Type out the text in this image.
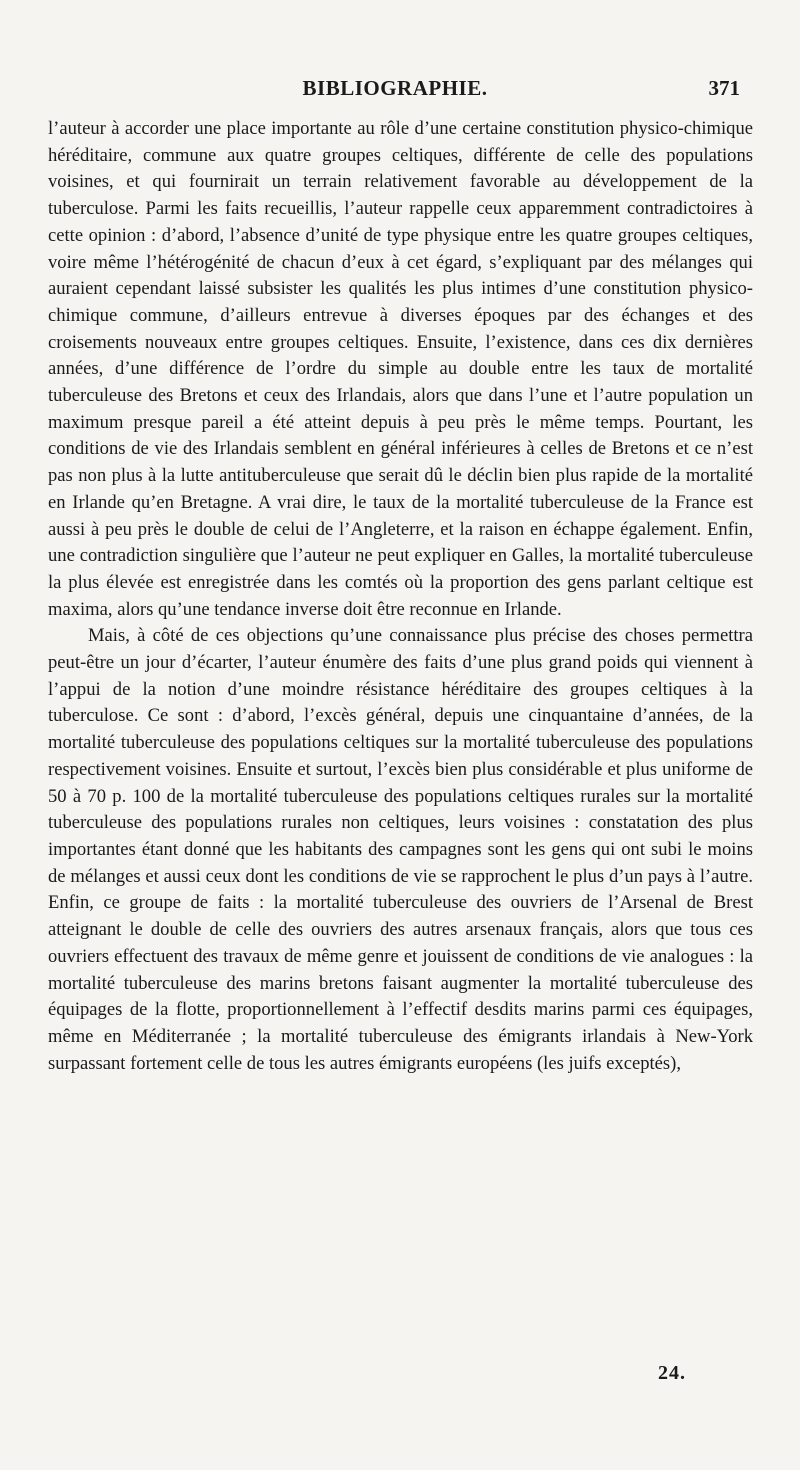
BIBLIOGRAPHIE.	371

l’auteur à accorder une place importante au rôle d’une certaine constitution physico-chimique héréditaire, commune aux quatre groupes celtiques, différente de celle des populations voisines, et qui fournirait un terrain relativement favorable au développement de la tuberculose. Parmi les faits recueillis, l’auteur rappelle ceux apparemment contradictoires à cette opinion : d’abord, l’absence d’unité de type physique entre les quatre groupes celtiques, voire même l’hétérogénité de chacun d’eux à cet égard, s’expliquant par des mélanges qui auraient cependant laissé subsister les qualités les plus intimes d’une constitution physico-chimique commune, d’ailleurs entrevue à diverses époques par des échanges et des croisements nouveaux entre groupes celtiques. Ensuite, l’existence, dans ces dix dernières années, d’une différence de l’ordre du simple au double entre les taux de mortalité tuberculeuse des Bretons et ceux des Irlandais, alors que dans l’une et l’autre population un maximum presque pareil a été atteint depuis à peu près le même temps. Pourtant, les conditions de vie des Irlandais semblent en général inférieures à celles de Bretons et ce n’est pas non plus à la lutte antituberculeuse que serait dû le déclin bien plus rapide de la mortalité en Irlande qu’en Bretagne. A vrai dire, le taux de la mortalité tuberculeuse de la France est aussi à peu près le double de celui de l’Angleterre, et la raison en échappe également. Enfin, une contradiction singulière que l’auteur ne peut expliquer en Galles, la mortalité tuberculeuse la plus élevée est enregistrée dans les comtés où la proportion des gens parlant celtique est maxima, alors qu’une tendance inverse doit être reconnue en Irlande.

Mais, à côté de ces objections qu’une connaissance plus précise des choses permettra peut-être un jour d’écarter, l’auteur énumère des faits d’une plus grand poids qui viennent à l’appui de la notion d’une moindre résistance héréditaire des groupes celtiques à la tuberculose. Ce sont : d’abord, l’excès général, depuis une cinquantaine d’années, de la mortalité tuberculeuse des populations celtiques sur la mortalité tuberculeuse des populations respectivement voisines. Ensuite et surtout, l’excès bien plus considérable et plus uniforme de 50 à 70 p. 100 de la mortalité tuberculeuse des populations celtiques rurales sur la mortalité tuberculeuse des populations rurales non celtiques, leurs voisines : constatation des plus importantes étant donné que les habitants des campagnes sont les gens qui ont subi le moins de mélanges et aussi ceux dont les conditions de vie se rapprochent le plus d’un pays à l’autre. Enfin, ce groupe de faits : la mortalité tuberculeuse des ouvriers de l’Arsenal de Brest atteignant le double de celle des ouvriers des autres arsenaux français, alors que tous ces ouvriers effectuent des travaux de même genre et jouissent de conditions de vie analogues : la mortalité tuberculeuse des marins bretons faisant augmenter la mortalité tuberculeuse des équipages de la flotte, proportionnellement à l’effectif desdits marins parmi ces équipages, même en Méditerranée ; la mortalité tuberculeuse des émigrants irlandais à New-York surpassant fortement celle de tous les autres émigrants européens (les juifs exceptés),

24.
